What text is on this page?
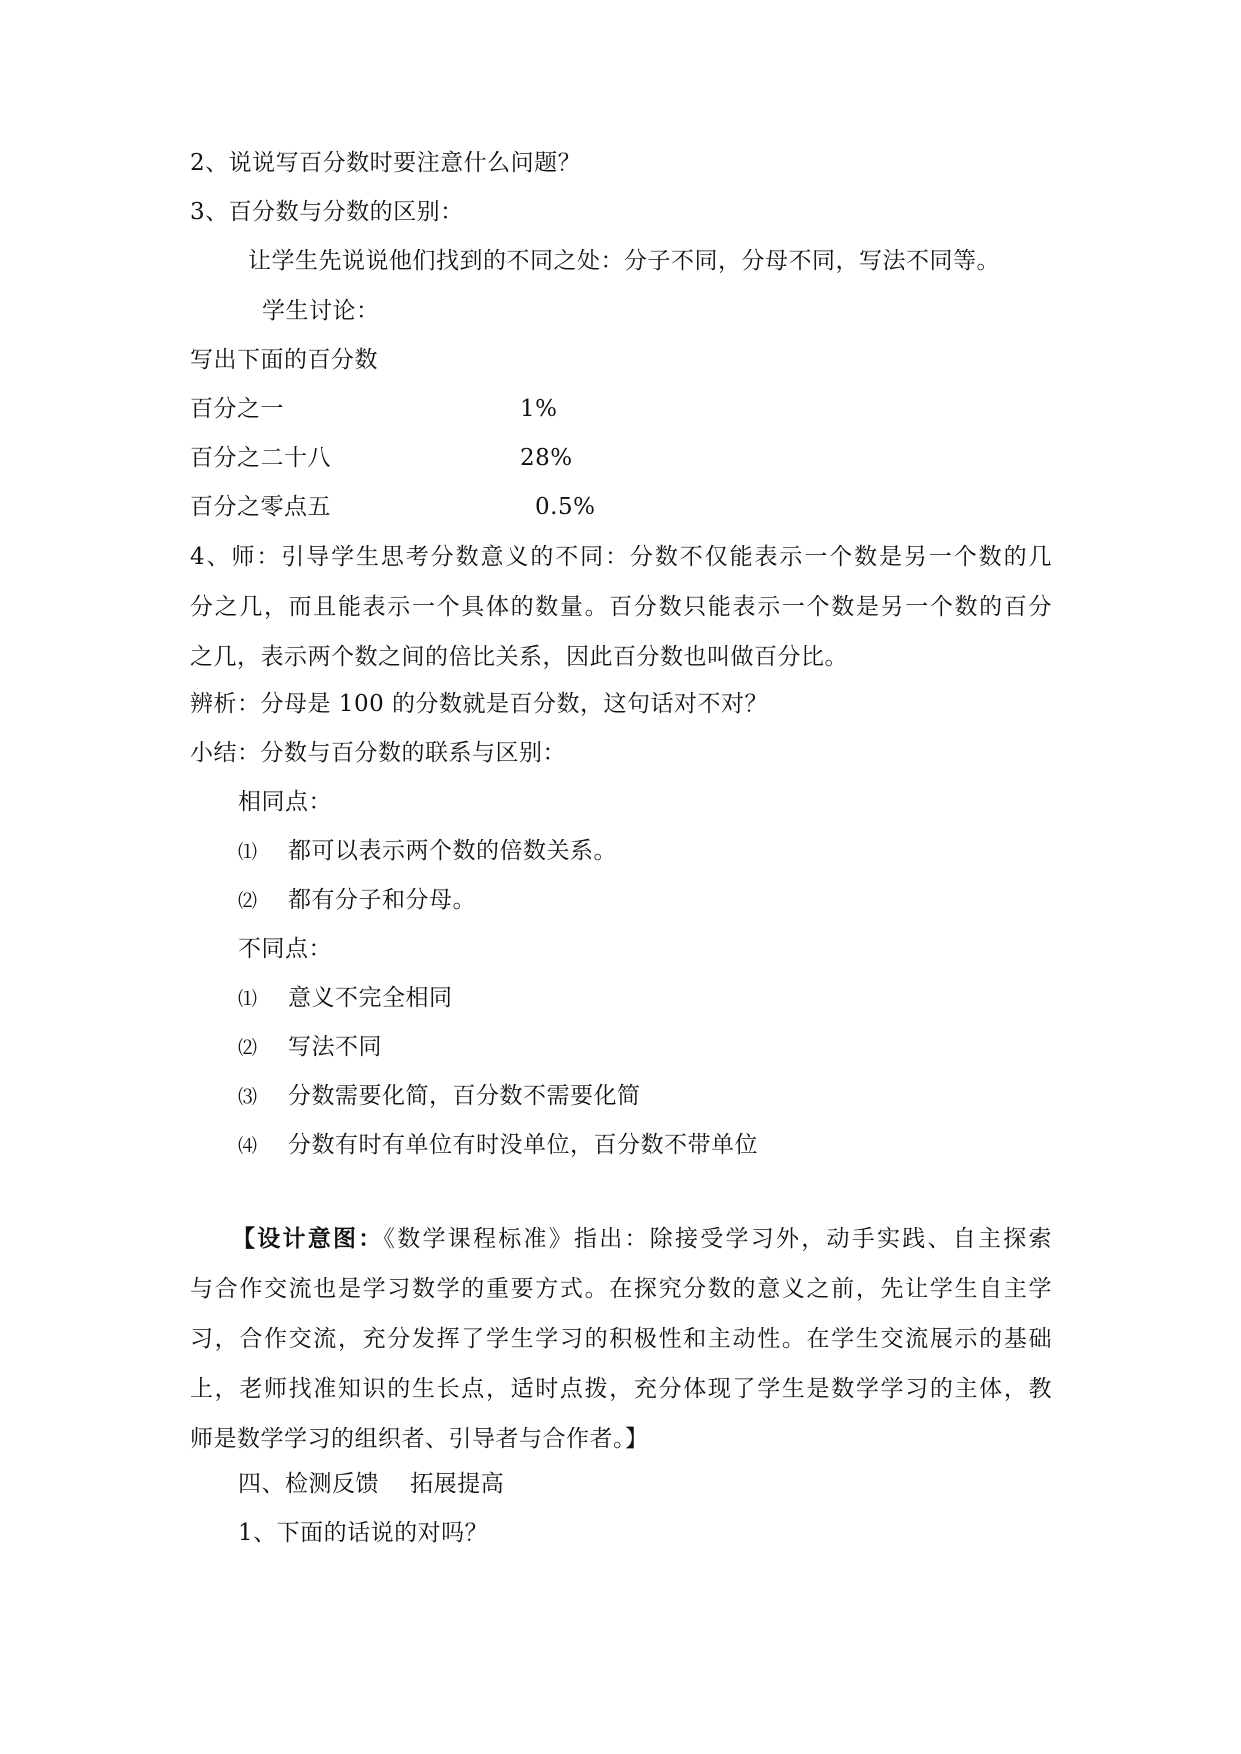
2、说说写百分数时要注意什么问题？
3、百分数与分数的区别：
让学生先说说他们找到的不同之处：分子不同，分母不同，写法不同等。
学生讨论：
写出下面的百分数
百分之一	1%
百分之二十八	28%
百分之零点五	0.5%
4、师：引导学生思考分数意义的不同：分数不仅能表示一个数是另一个数的几
分之几，而且能表示一个具体的数量。百分数只能表示一个数是另一个数的百分
之几，表示两个数之间的倍比关系，因此百分数也叫做百分比。
辨析：分母是 100 的分数就是百分数，这句话对不对？
小结：分数与百分数的联系与区别：
相同点：
⑴ 都可以表示两个数的倍数关系。
⑵ 都有分子和分母。
不同点：
⑴ 意义不完全相同
⑵ 写法不同
⑶ 分数需要化简，百分数不需要化简
⑷ 分数有时有单位有时没单位，百分数不带单位
【设计意图：《数学课程标准》指出：除接受学习外，动手实践、自主探索
与合作交流也是学习数学的重要方式。在探究分数的意义之前，先让学生自主学
习，合作交流，充分发挥了学生学习的积极性和主动性。在学生交流展示的基础
上，老师找准知识的生长点，适时点拨，充分体现了学生是数学学习的主体，教
师是数学学习的组织者、引导者与合作者。】
四、检测反馈    拓展提高
1、下面的话说的对吗？
